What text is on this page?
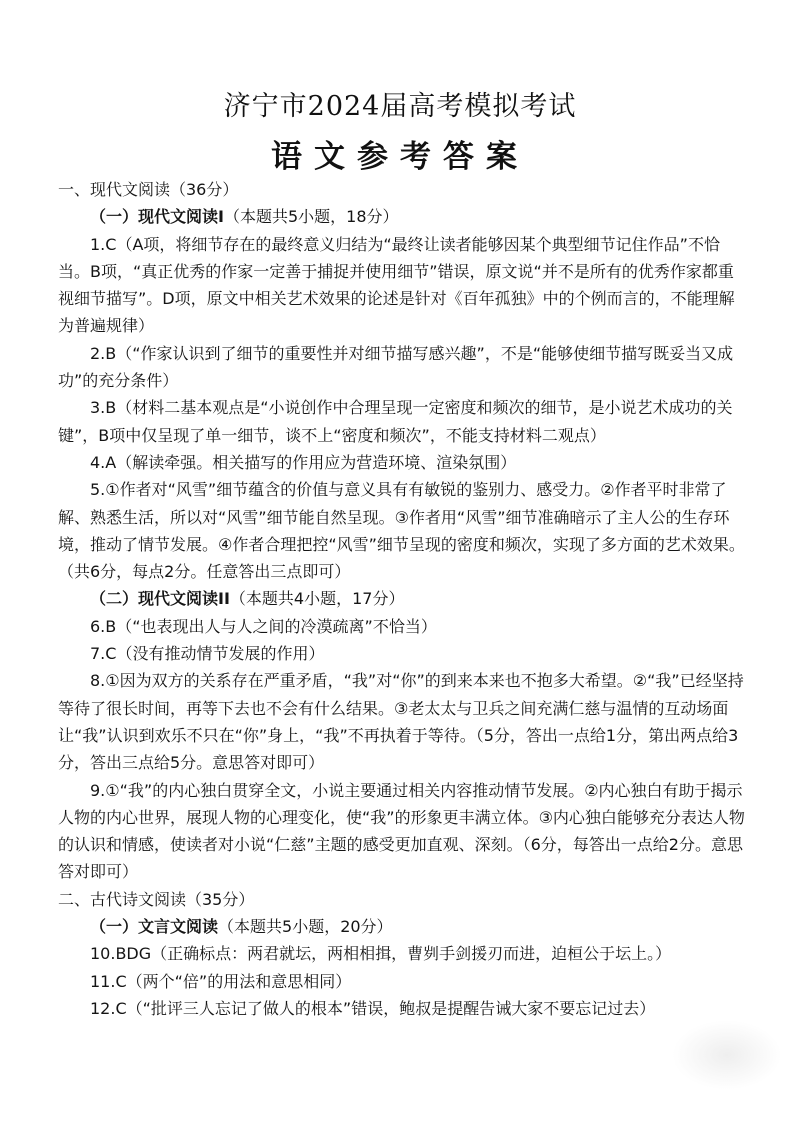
济宁市2024届高考模拟考试
语文参考答案

一、现代文阅读（36分）

（一）现代文阅读I（本题共5小题，18分）

1.C（A项，将细节存在的最终意义归结为“最终让读者能够因某个典型细节记住作品”不恰当。B项，“真正优秀的作家一定善于捕捉并使用细节”错误，原文说“并不是所有的优秀作家都重视细节描写”。D项，原文中相关艺术效果的论述是针对《百年孤独》中的个例而言的，不能理解为普遍规律）

2.B（“作家认识到了细节的重要性并对细节描写感兴趣”，不是“能够使细节描写既妥当又成功”的充分条件）

3.B（材料二基本观点是“小说创作中合理呈现一定密度和频次的细节，是小说艺术成功的关键”，B项中仅呈现了单一细节，谈不上“密度和频次”，不能支持材料二观点）

4.A（解读牵强。相关描写的作用应为营造环境、渲染氛围）

5.①作者对“风雪”细节蕴含的价值与意义具有有敏锐的鉴别力、感受力。②作者平时非常了解、熟悉生活，所以对“风雪”细节能自然呈现。③作者用“风雪”细节准确暗示了主人公的生存环境，推动了情节发展。④作者合理把控“风雪”细节呈现的密度和频次，实现了多方面的艺术效果。（共6分，每点2分。任意答出三点即可）

（二）现代文阅读II（本题共4小题，17分）

6.B（“也表现出人与人之间的冷漠疏离”不恰当）

7.C（没有推动情节发展的作用）

8.①因为双方的关系存在严重矛盾，“我”对“你”的到来本来也不抱多大希望。②“我”已经坚持等待了很长时间，再等下去也不会有什么结果。③老太太与卫兵之间充满仁慈与温情的互动场面让“我”认识到欢乐不只在“你”身上，“我”不再执着于等待。（5分，答出一点给1分，第出两点给3分，答出三点给5分。意思答对即可）

9.①“我”的内心独白贯穿全文，小说主要通过相关内容推动情节发展。②内心独白有助于揭示人物的内心世界，展现人物的心理变化，使“我”的形象更丰满立体。③内心独白能够充分表达人物的认识和情感，使读者对小说“仁慈”主题的感受更加直观、深刻。（6分，每答出一点给2分。意思答对即可）

二、古代诗文阅读（35分）

（一）文言文阅读（本题共5小题，20分）

10.BDG（正确标点：两君就坛，两相相揖，曹刿手剑援刃而进，迫桓公于坛上。）

11.C（两个“倍”的用法和意思相同）

12.C（“批评三人忘记了做人的根本”错误，鲍叔是提醒告诫大家不要忘记过去）
